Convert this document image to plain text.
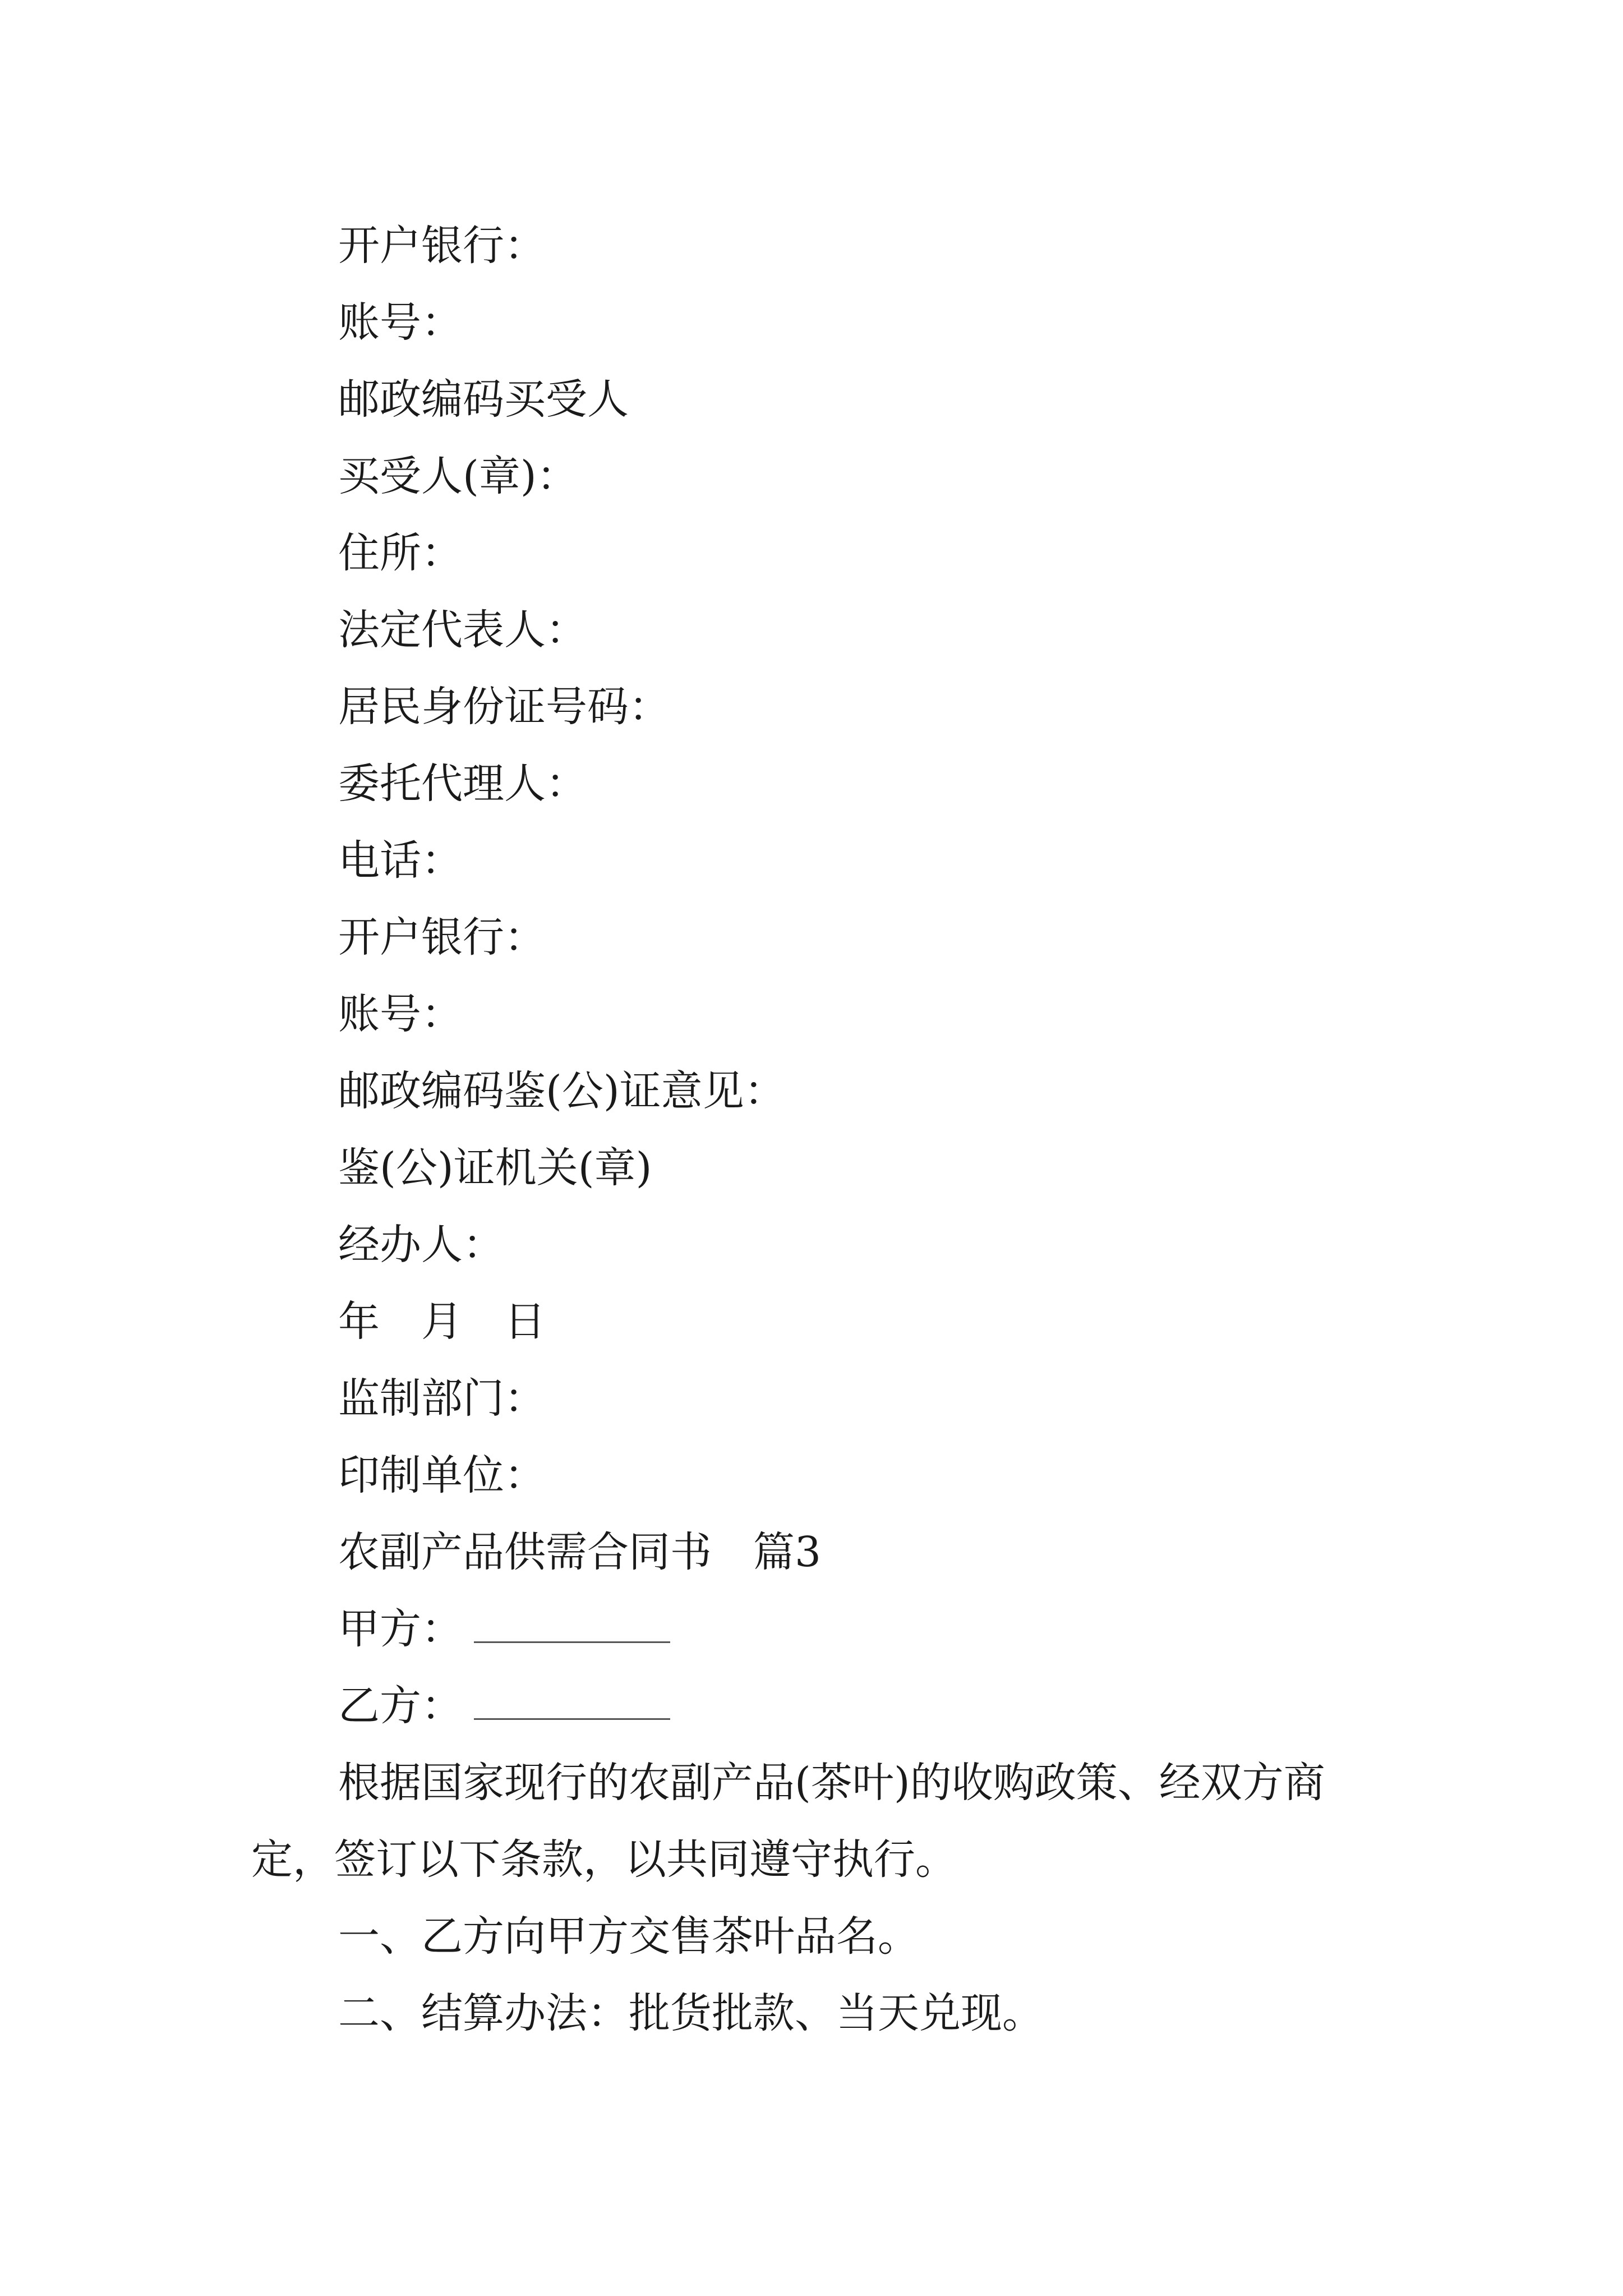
开户银行：
账号：
邮政编码买受人
买受人(章)：
住所：
法定代表人：
居民身份证号码：
委托代理人：
电话：
开户银行：
账号：
邮政编码鉴(公)证意见：
鉴(公)证机关(章)
经办人：
年　月　日
监制部门：
印制单位：
农副产品供需合同书　篇3
甲方：
乙方：
根据国家现行的农副产品(茶叶)的收购政策、经双方商定，签订以下条款，以共同遵守执行。
一、乙方向甲方交售茶叶品名。
二、结算办法：批货批款、当天兑现。
